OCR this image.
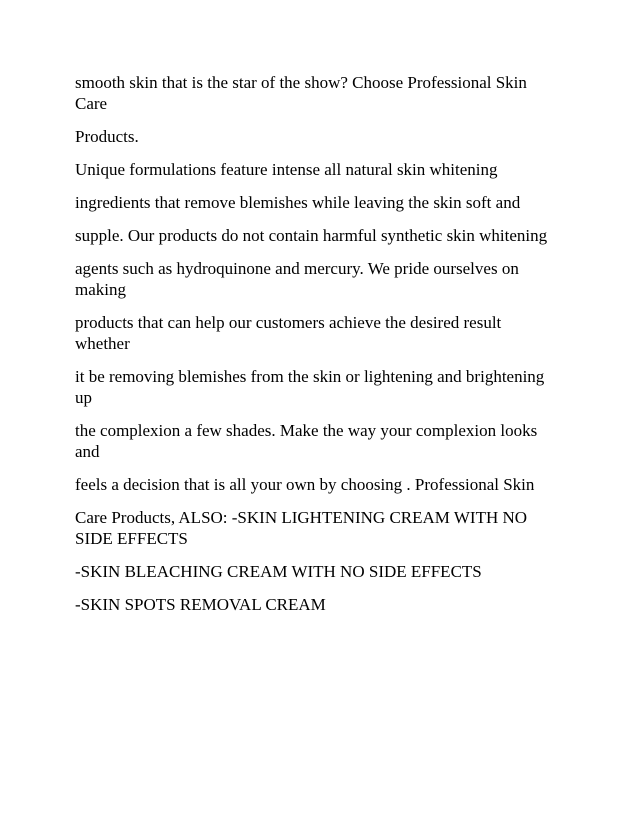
smooth skin that is the star of the show? Choose Professional Skin Care

Products.

Unique formulations feature intense all natural skin whitening

ingredients that remove blemishes while leaving the skin soft and

supple. Our products do not contain harmful synthetic skin whitening

agents such as hydroquinone and mercury. We pride ourselves on making

products that can help our customers achieve the desired result whether

it be removing blemishes from the skin or lightening and brightening up

the complexion a few shades. Make the way your complexion looks and

feels a decision that is all your own by choosing . Professional Skin

Care Products, ALSO: -SKIN LIGHTENING CREAM WITH NO SIDE EFFECTS

-SKIN BLEACHING CREAM WITH NO SIDE EFFECTS

-SKIN SPOTS REMOVAL CREAM
